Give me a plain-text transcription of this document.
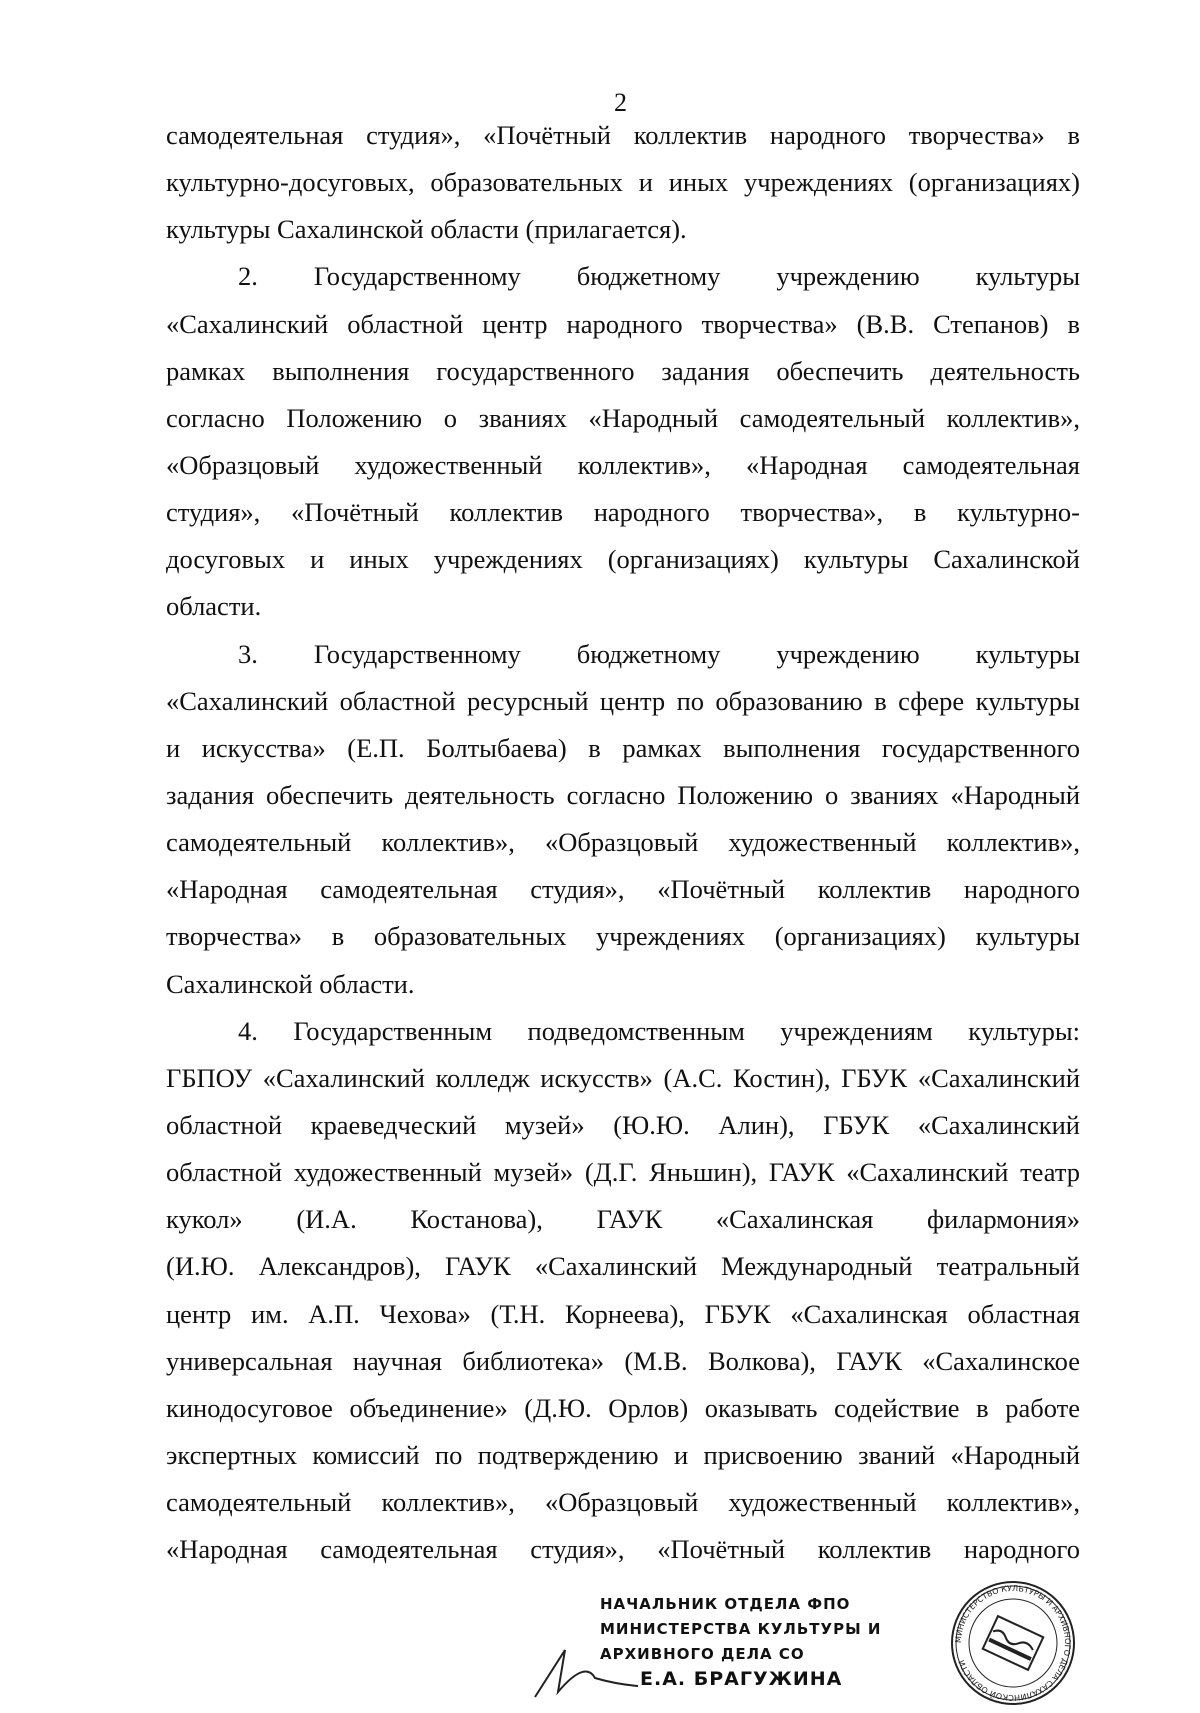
2
самодеятельная студия», «Почётный коллектив народного творчества» в
культурно-досуговых, образовательных и иных учреждениях (организациях)
культуры Сахалинской области (прилагается).
2. Государственному бюджетному учреждению культуры
«Сахалинский областной центр народного творчества» (В.В. Степанов) в
рамках выполнения государственного задания обеспечить деятельность
согласно Положению о званиях «Народный самодеятельный коллектив»,
«Образцовый художественный коллектив», «Народная самодеятельная
студия», «Почётный коллектив народного творчества», в культурно-
досуговых и иных учреждениях (организациях) культуры Сахалинской
области.
3. Государственному бюджетному учреждению культуры
«Сахалинский областной ресурсный центр по образованию в сфере культуры
и искусства» (Е.П. Болтыбаева) в рамках выполнения государственного
задания обеспечить деятельность согласно Положению о званиях «Народный
самодеятельный коллектив», «Образцовый художественный коллектив»,
«Народная самодеятельная студия», «Почётный коллектив народного
творчества» в образовательных учреждениях (организациях) культуры
Сахалинской области.
4. Государственным подведомственным учреждениям культуры:
ГБПОУ «Сахалинский колледж искусств» (А.С. Костин), ГБУК «Сахалинский
областной краеведческий музей» (Ю.Ю. Алин), ГБУК «Сахалинский
областной художественный музей» (Д.Г. Яньшин), ГАУК «Сахалинский театр
кукол» (И.А. Костанова), ГАУК «Сахалинская филармония»
(И.Ю. Александров), ГАУК «Сахалинский Международный театральный
центр им. А.П. Чехова» (Т.Н. Корнеева), ГБУК «Сахалинская областная
универсальная научная библиотека» (М.В. Волкова), ГАУК «Сахалинское
кинодосуговое объединение» (Д.Ю. Орлов) оказывать содействие в работе
экспертных комиссий по подтверждению и присвоению званий «Народный
самодеятельный коллектив», «Образцовый художественный коллектив»,
«Народная самодеятельная студия», «Почётный коллектив народного
НАЧАЛЬНИК ОТДЕЛА ФПО
МИНИСТЕРСТВА КУЛЬТУРЫ И
АРХИВНОГО ДЕЛА СО
Е.А. БРАГУЖИНА
МИНИСТЕРСТВО КУЛЬТУРЫ И АРХИВНОГО ДЕЛА САХАЛИНСКОЙ ОБЛАСТИ
